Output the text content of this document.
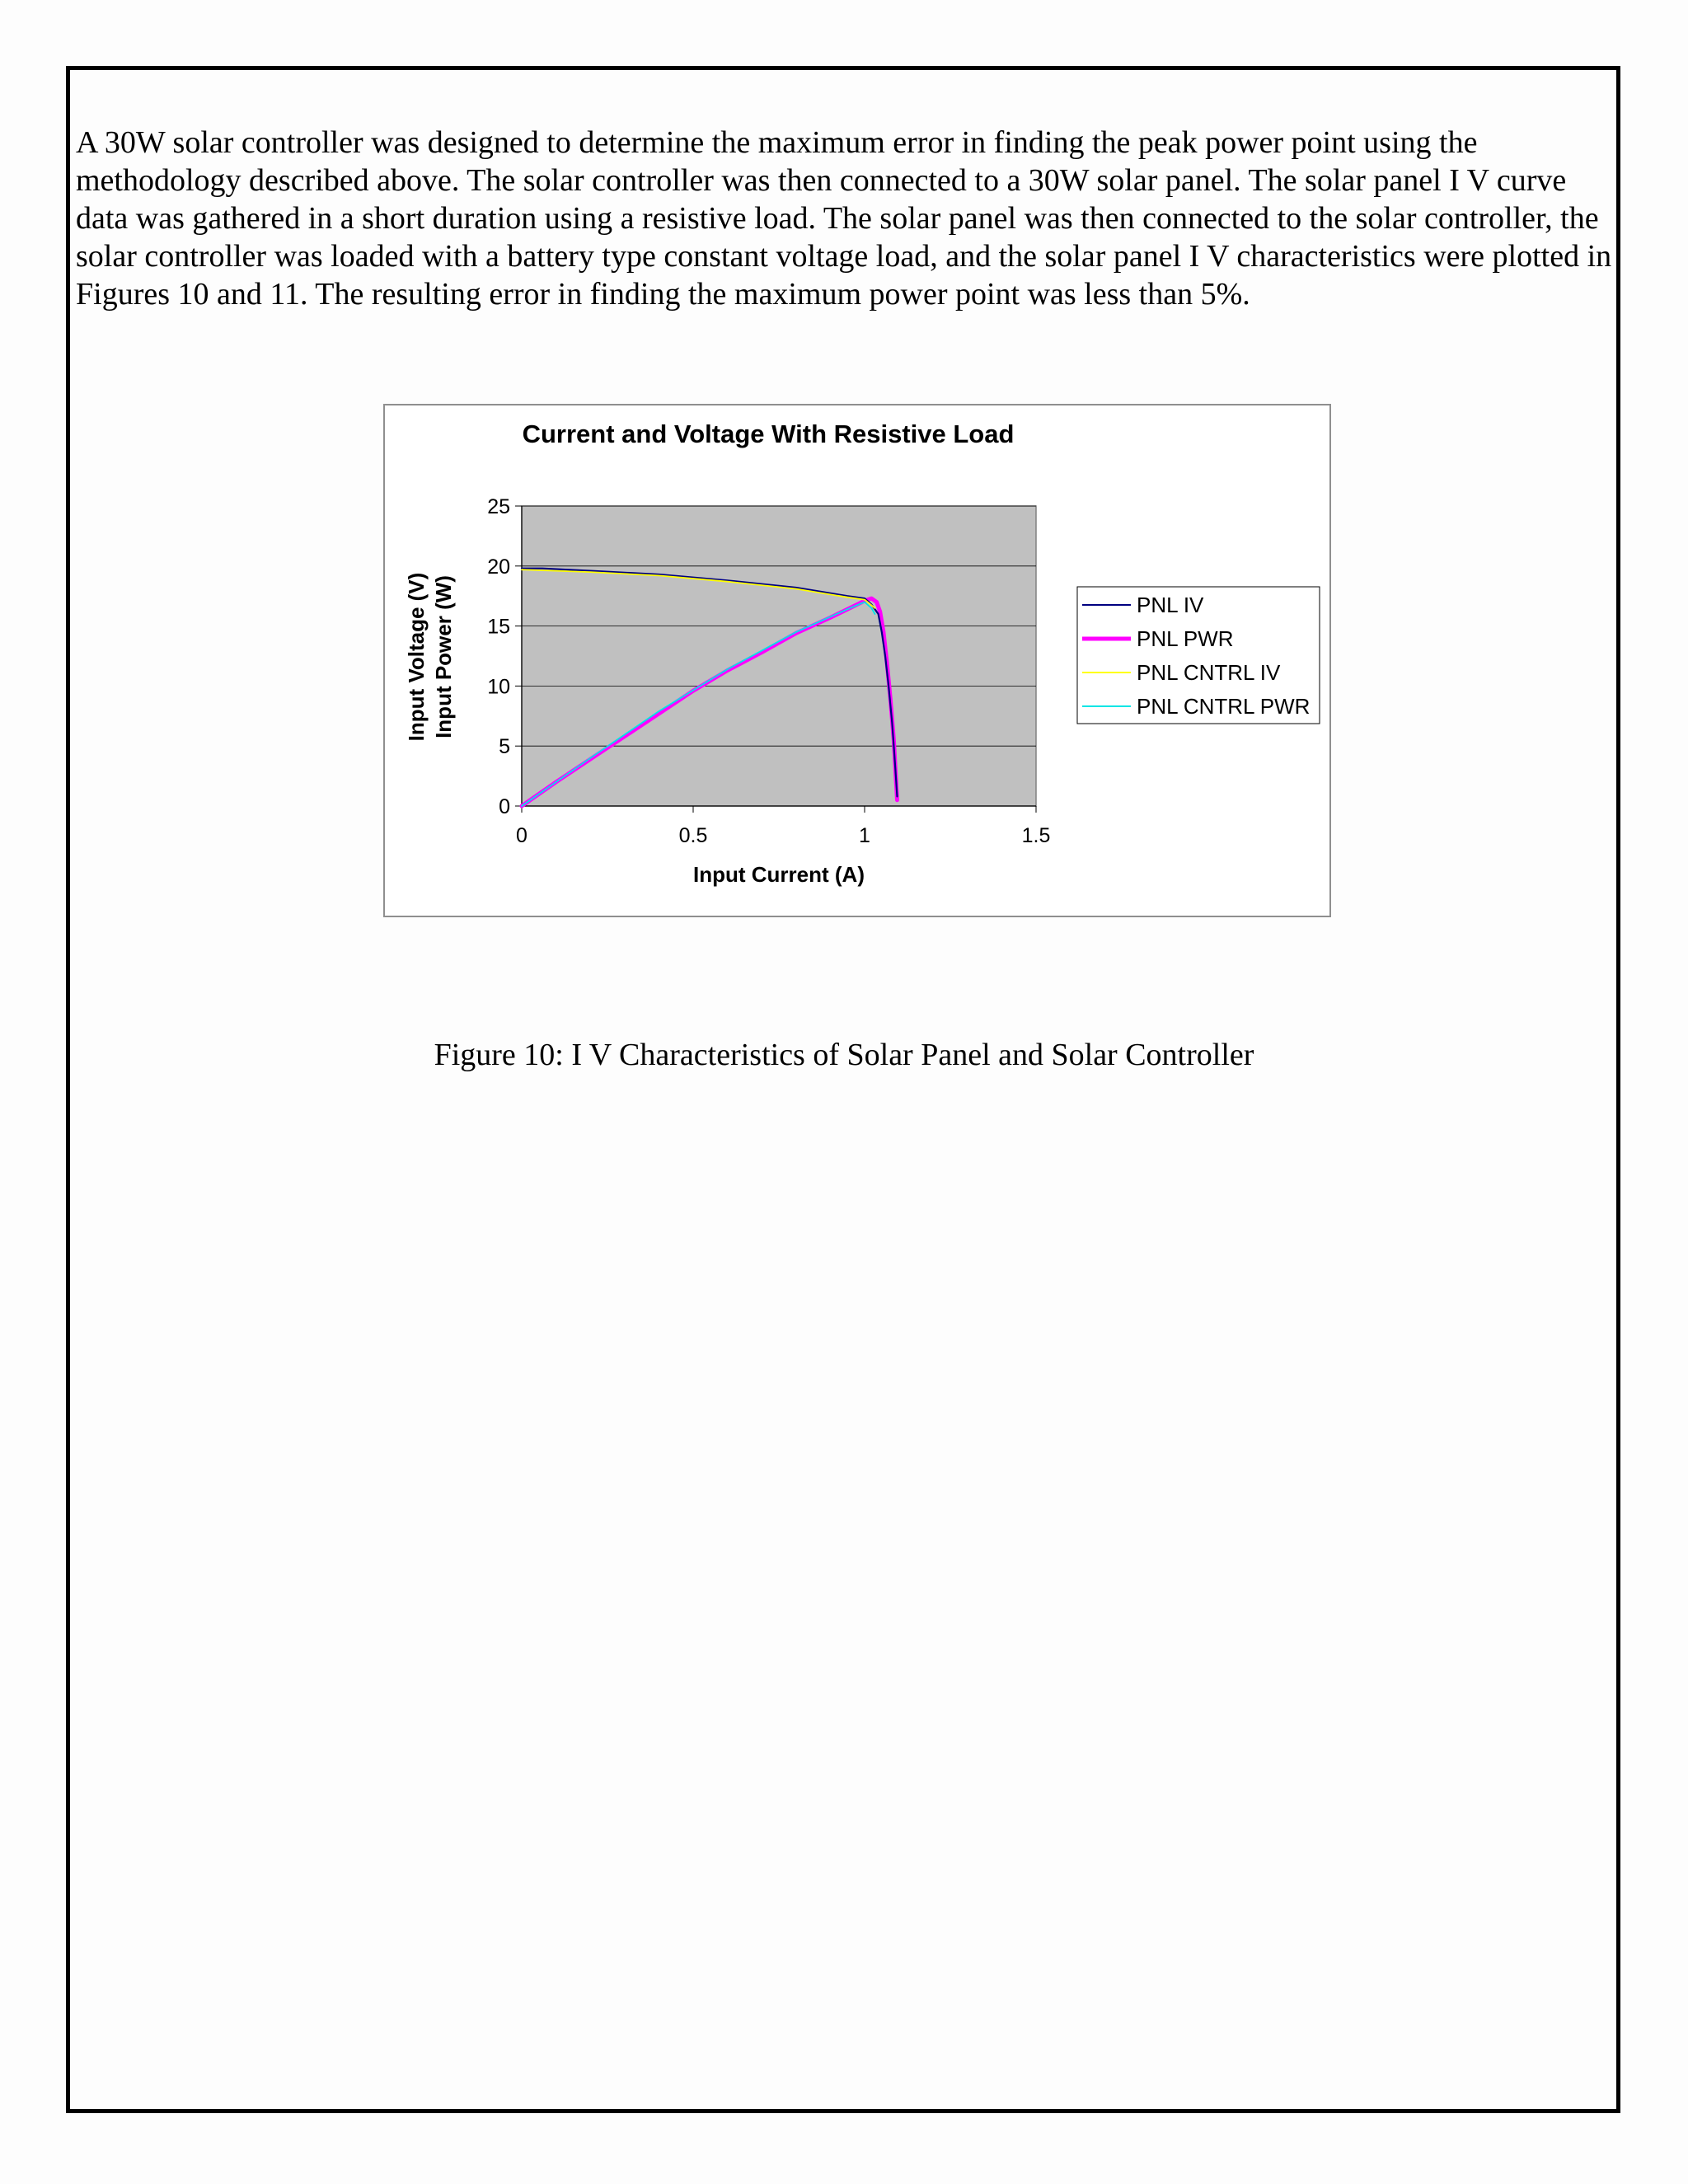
A 30W solar controller was designed to determine the maximum error in finding the peak power point using the methodology described above. The solar controller was then connected to a 30W solar panel. The solar panel I V curve data was gathered in a short duration using a resistive load. The solar panel was then connected to the solar controller, the solar controller was loaded with a battery type constant voltage load, and the solar panel I V characteristics were plotted in Figures 10 and 11. The resulting error in finding the maximum power point was less than 5%.

Current and Voltage With Resistive Load
0
5
10
15
20
25
0	0.5	1	1.5
Input Current (A)
Input Voltage (V) Input Power (W)	PNL IV
PNL PWR
PNL CNTRL IV
PNL CNTRL PWR

Figure 10: I V Characteristics of Solar Panel and Solar Controller
